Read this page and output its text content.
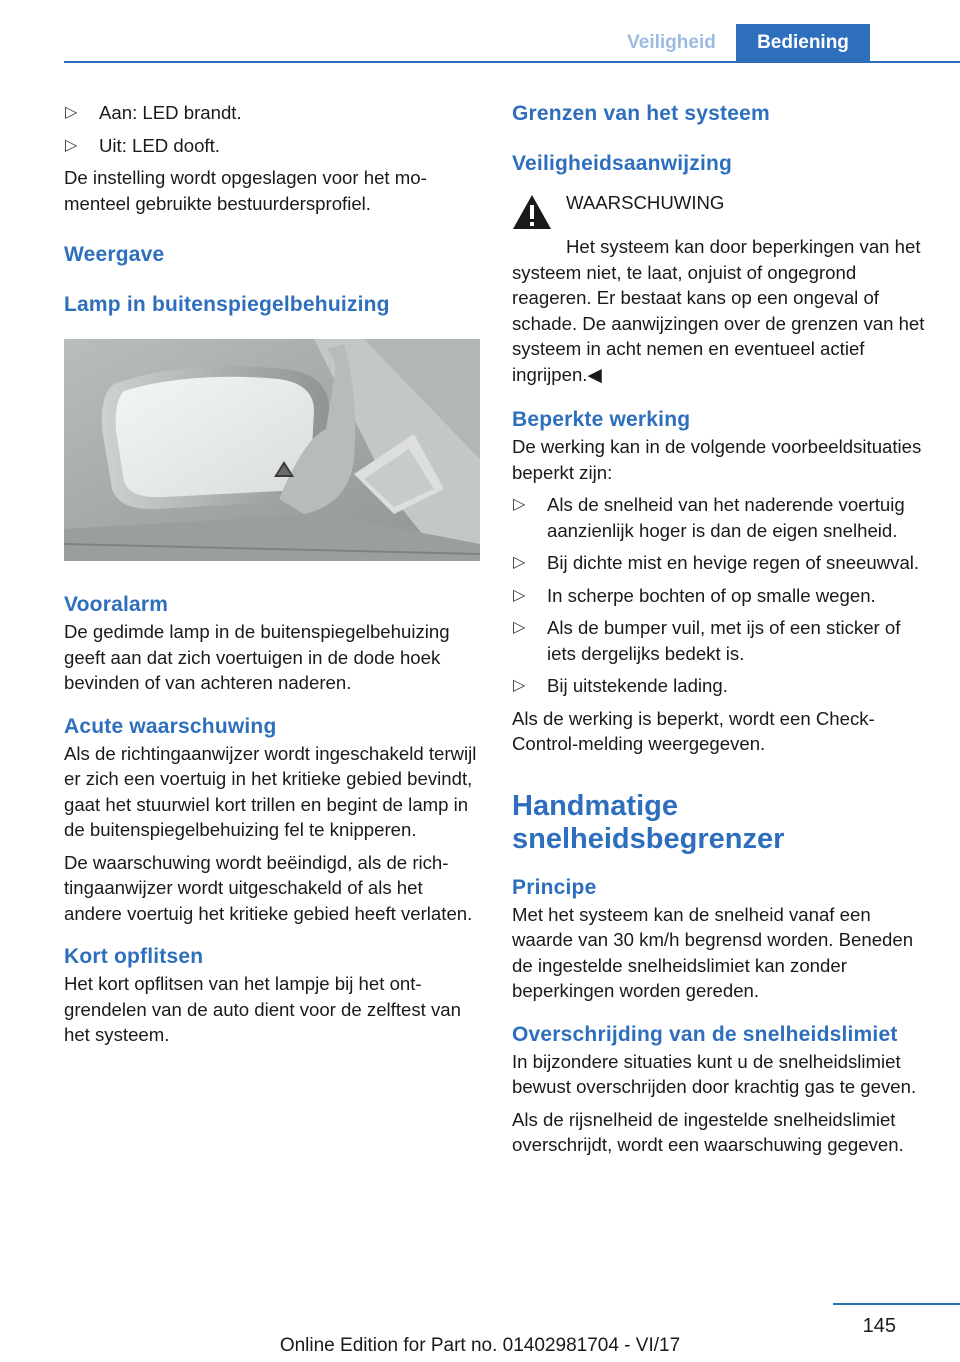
Veiligheid	Bediening
▷	Aan: LED brandt.
▷	Uit: LED dooft.

De instelling wordt opgeslagen voor het momenteel gebruikte bestuurdersprofiel.

Weergave
Lamp in buitenspiegelbehuizing
Vooralarm

De gedimde lamp in de buitenspiegelbehuizing geeft aan dat zich voertuigen in de dode hoek bevinden of van achteren naderen.

Acute waarschuwing

Als de richtingaanwijzer wordt ingeschakeld terwijl er zich een voertuig in het kritieke gebied bevindt, gaat het stuurwiel kort trillen en begint de lamp in de buitenspiegelbehuizing fel te knipperen.

De waarschuwing wordt beëindigd, als de richtingaanwijzer wordt uitgeschakeld of als het andere voertuig het kritieke gebied heeft verlaten.

Kort opflitsen

Het kort opflitsen van het lampje bij het ontgrendelen van de auto dient voor de zelftest van het systeem.

Grenzen van het systeem
Veiligheidsaanwijzing
WAARSCHUWING

Het systeem kan door beperkingen van het systeem niet, te laat, onjuist of ongegrond reageren. Er bestaat kans op een ongeval of schade. De aanwijzingen over de grenzen van het systeem in acht nemen en eventueel actief ingrijpen.◀

Beperkte werking

De werking kan in de volgende voorbeeldsituaties beperkt zijn:

▷	Als de snelheid van het naderende voertuig aanzienlijk hoger is dan de eigen snelheid.
▷	Bij dichte mist en hevige regen of sneeuwval.
▷	In scherpe bochten of op smalle wegen.
▷	Als de bumper vuil, met ijs of een sticker of iets dergelijks bedekt is.
▷	Bij uitstekende lading.

Als de werking is beperkt, wordt een Check-Control-melding weergegeven.

Handmatige
snelheidsbegrenzer
Principe

Met het systeem kan de snelheid vanaf een waarde van 30 km/h begrensd worden. Beneden de ingestelde snelheidslimiet kan zonder beperkingen worden gereden.

Overschrijding van de snelheidslimiet

In bijzondere situaties kunt u de snelheidslimiet bewust overschrijden door krachtig gas te geven.

Als de rijsnelheid de ingestelde snelheidslimiet overschrijdt, wordt een waarschuwing gegeven.

145
Online Edition for Part no. 01402981704 - VI/17
